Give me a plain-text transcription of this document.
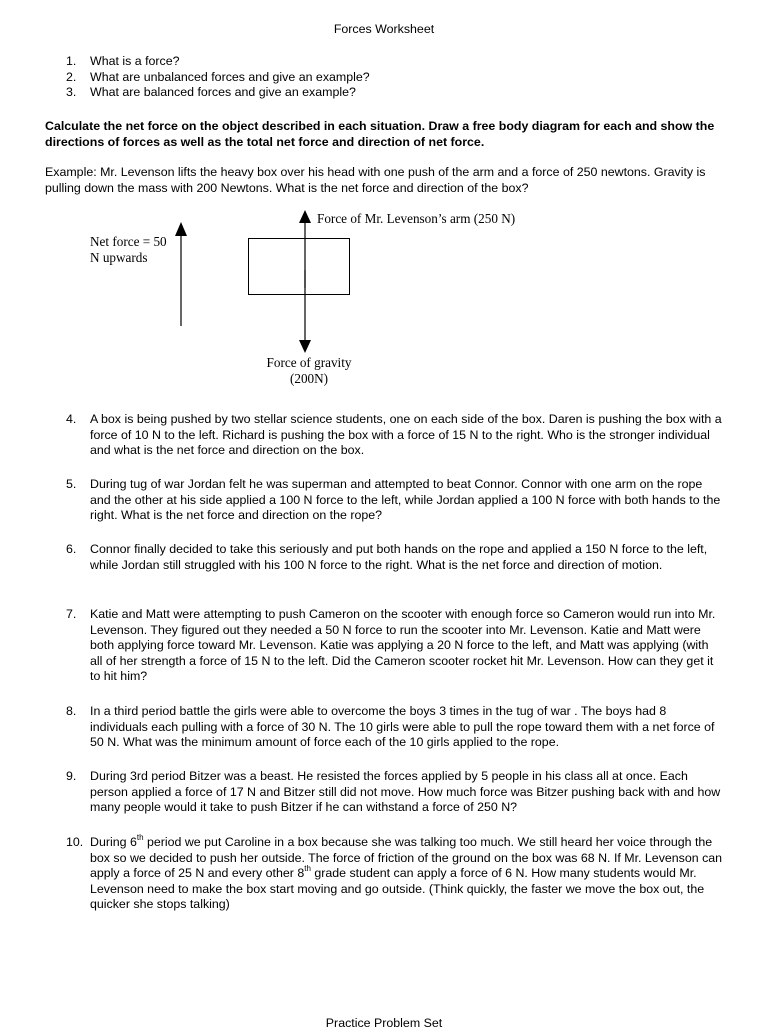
Forces Worksheet
1.	What is a force?
2.	What are unbalanced forces and give an example?
3.	What are balanced forces and give an example?
Calculate the net force on the object described in each situation. Draw a free body diagram for each and show the directions of forces as well as the total net force and direction of net force.
Example: Mr. Levenson lifts the heavy box over his head with one push of the arm and a force of 250 newtons. Gravity is pulling down the mass with 200 Newtons. What is the net force and direction of the box?
Net force = 50
N upwards
Force of Mr. Levenson’s arm (250 N)
Force of gravity
(200N)
4.	A box is being pushed by two stellar science students, one on each side of the box. Daren is pushing the box with a force of 10 N to the left. Richard is pushing the box with a force of 15 N to the right. Who is the stronger individual and what is the net force and direction on the box.
5.	During tug of war Jordan felt he was superman and attempted to beat Connor. Connor with one arm on the rope and the other at his side applied a 100 N force to the left, while Jordan applied a 100 N force with both hands to the right. What is the net force and direction on the rope?
6.	Connor finally decided to take this seriously and put both hands on the rope and applied a 150 N force to the left, while Jordan still struggled with his 100 N force to the right. What is the net force and direction of motion.
7.	Katie and Matt were attempting to push Cameron on the scooter with enough force so Cameron would run into Mr. Levenson. They figured out they needed a 50 N force to run the scooter into Mr. Levenson. Katie and Matt were both applying force toward Mr. Levenson. Katie was applying a 20 N force to the left, and Matt was applying (with all of her strength a force of 15 N to the left. Did the Cameron scooter rocket hit Mr. Levenson. How can they get it to hit him?
8.	In a third period battle the girls were able to overcome the boys 3 times in the tug of war . The boys had 8 individuals each pulling with a force of 30 N. The 10 girls were able to pull the rope toward them with a net force of 50 N. What was the minimum amount of force each of the 10 girls applied to the rope.
9.	During 3rd period Bitzer was a beast. He resisted the forces applied by 5 people in his class all at once. Each person applied a force of 17 N and Bitzer still did not move. How much force was Bitzer pushing back with and how many people would it take to push Bitzer if he can withstand a force of 250 N?
10. During 6th period we put Caroline in a box because she was talking too much. We still heard her voice through the box so we decided to push her outside. The force of friction of the ground on the box was 68 N. If Mr. Levenson can apply a force of 25 N and every other 8th grade student can apply a force of 6 N. How many students would Mr. Levenson need to make the box start moving and go outside. (Think quickly, the faster we move the box out, the quicker she stops talking)
Practice Problem Set
